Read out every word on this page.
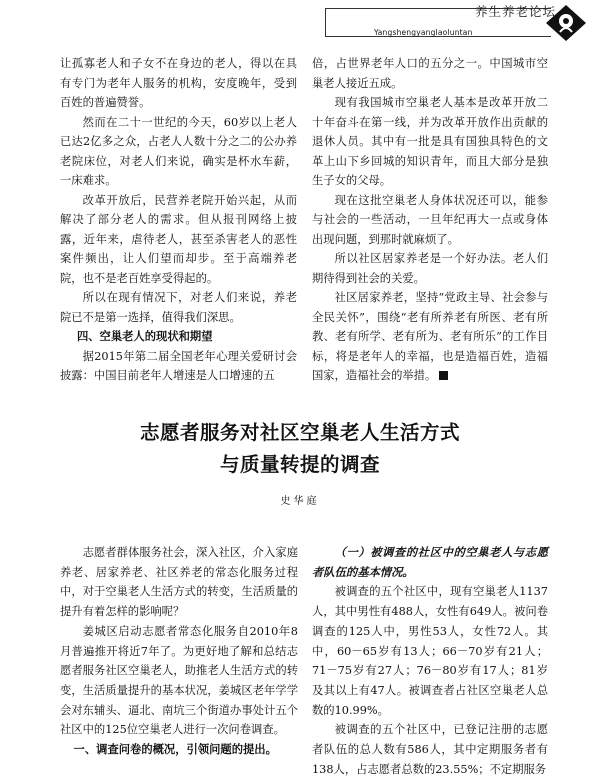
养生养老论坛
Yangshengyanglaoluntan

让孤寡老人和子女不在身边的老人，得以在具有专门为老年人服务的机构，安度晚年，受到百姓的普遍赞誉。

然而在二十一世纪的今天，60岁以上老人已达2亿多之众，占老人人数十分之二的公办养老院床位，对老人们来说，确实是杯水车薪，一床难求。

改革开放后，民营养老院开始兴起，从而解决了部分老人的需求。但从报刊网络上披露，近年来，虐待老人，甚至杀害老人的恶性案件频出，让人们望而却步。至于高端养老院，也不是老百姓享受得起的。

所以在现有情况下，对老人们来说，养老院已不是第一选择，值得我们深思。

四、空巢老人的现状和期望

据2015年第二届全国老年心理关爱研讨会披露：中国目前老年人增速是人口增速的五

倍，占世界老年人口的五分之一。中国城市空巢老人接近五成。

现有我国城市空巢老人基本是改革开放二十年奋斗在第一线，并为改革开放作出贡献的退休人员。其中有一批是具有国独具特色的文革上山下乡回城的知识青年，而且大部分是独生子女的父母。

现在这批空巢老人身体状况还可以，能参与社会的一些活动，一旦年纪再大一点或身体出现问题，到那时就麻烦了。

所以社区居家养老是一个好办法。老人们期待得到社会的关爱。

社区居家养老，坚持“党政主导、社会参与全民关怀”，围绕“老有所养老有所医、老有所教、老有所学、老有所为、老有所乐”的工作目标，将是老年人的幸福，也是造福百姓，造福国家，造福社会的举措。

志愿者服务对社区空巢老人生活方式
与质量转提的调查
史华庭

志愿者群体服务社会，深入社区，介入家庭养老、居家养老、社区养老的常态化服务过程中，对于空巢老人生活方式的转变，生活质量的提升有着怎样的影响呢？

姜城区启动志愿者常态化服务自2010年8月普遍推开将近7年了。为更好地了解和总结志愿者服务社区空巢老人，助推老人生活方式的转变，生活质量提升的基本状况，姜城区老年学学会对东辅头、逼北、南坑三个街道办事处计五个社区中的125位空巢老人进行一次问卷调查。

一、调查问卷的概况，引领问题的提出。

（一）被调查的社区中的空巢老人与志愿者队伍的基本情况。

被调查的五个社区中，现有空巢老人1137人，其中男性有488人，女性有649人。被问卷调查的125人中，男性53人，女性72人。其中，60－65岁有13人；66－70岁有21人；71－75岁有27人；76－80岁有17人；81岁及其以上有47人。被调查者占社区空巢老人总数的10.99%。

被调查的五个社区中，已登记注册的志愿者队伍的总人数有586人，其中定期服务者有138人，占志愿者总数的23.55%；不定期服务
